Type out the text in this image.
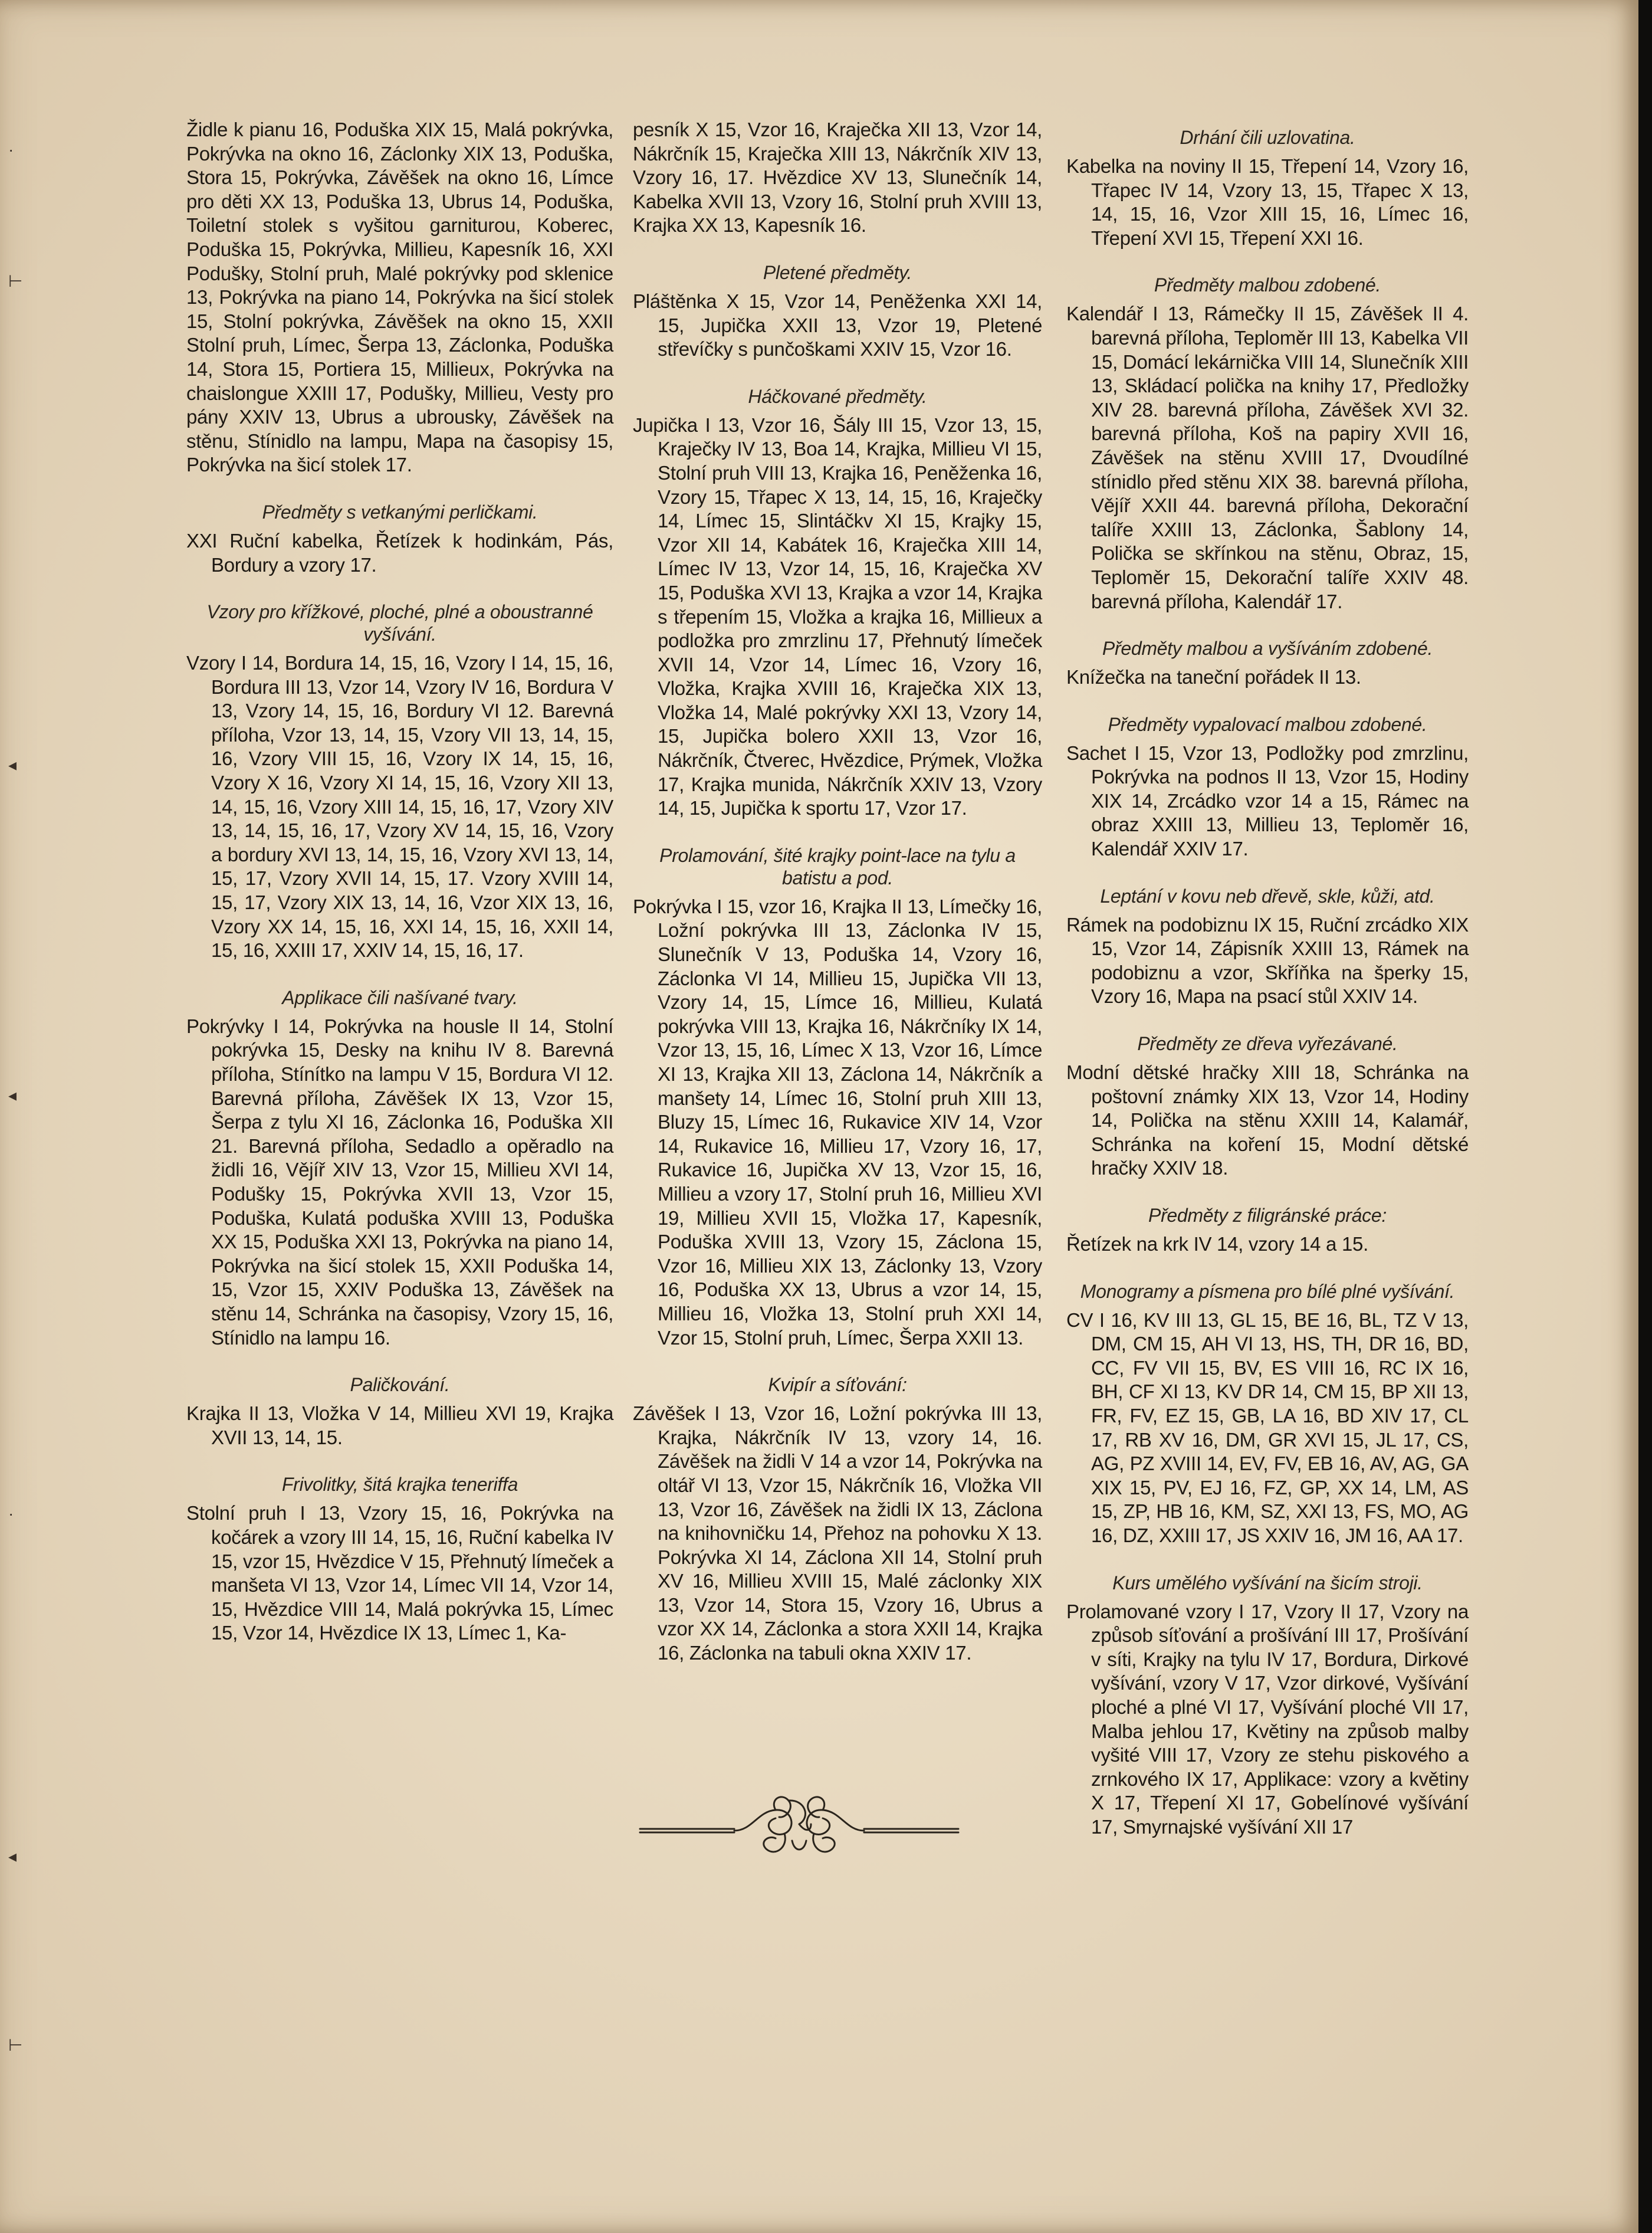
·
⊢
◂
◂
·
◂
⊢

Židle k pianu 16, Poduška XIX 15, Malá pokrývka, Pokrývka na okno 16, Záclonky XIX 13, Poduška, Stora 15, Pokrývka, Závěšek na okno 16, Límce pro děti XX 13, Poduška 13, Ubrus 14, Poduška, Toiletní stolek s vyšitou garniturou, Koberec, Poduška 15, Pokrývka, Millieu, Kapesník 16, XXI Podušky, Stolní pruh, Malé pokrývky pod sklenice 13, Pokrývka na piano 14, Pokrývka na šicí stolek 15, Stolní pokrývka, Závěšek na okno 15, XXII Stolní pruh, Límec, Šerpa 13, Záclonka, Poduška 14, Stora 15, Portiera 15, Millieux, Pokrývka na chaislongue XXIII 17, Podušky, Millieu, Vesty pro pány XXIV 13, Ubrus a ubrousky, Závěšek na stěnu, Stínidlo na lampu, Mapa na časopisy 15, Pokrývka na šicí stolek 17.

Předměty s vetkanými perličkami.

XXI Ruční kabelka, Řetízek k hodinkám, Pás, Bordury a vzory 17.

Vzory pro křížkové, ploché, plné a oboustranné vyšívání.

Vzory I 14, Bordura 14, 15, 16, Vzory I 14, 15, 16, Bordura III 13, Vzor 14, Vzory IV 16, Bordura V 13, Vzory 14, 15, 16, Bordury VI 12. Barevná příloha, Vzor 13, 14, 15, Vzory VII 13, 14, 15, 16, Vzory VIII 15, 16, Vzory IX 14, 15, 16, Vzory X 16, Vzory XI 14, 15, 16, Vzory XII 13, 14, 15, 16, Vzory XIII 14, 15, 16, 17, Vzory XIV 13, 14, 15, 16, 17, Vzory XV 14, 15, 16, Vzory a bordury XVI 13, 14, 15, 16, Vzory XVI 13, 14, 15, 17, Vzory XVII 14, 15, 17. Vzory XVIII 14, 15, 17, Vzory XIX 13, 14, 16, Vzor XIX 13, 16, Vzory XX 14, 15, 16, XXI 14, 15, 16, XXII 14, 15, 16, XXIII 17, XXIV 14, 15, 16, 17.

Applikace čili našívané tvary.

Pokrývky I 14, Pokrývka na housle II 14, Stolní pokrývka 15, Desky na knihu IV 8. Barevná příloha, Stínítko na lampu V 15, Bordura VI 12. Barevná příloha, Závěšek IX 13, Vzor 15, Šerpa z tylu XI 16, Záclonka 16, Poduška XII 21. Barevná příloha, Sedadlo a opěradlo na židli 16, Vějíř XIV 13, Vzor 15, Millieu XVI 14, Podušky 15, Pokrývka XVII 13, Vzor 15, Poduška, Kulatá poduška XVIII 13, Poduška XX 15, Poduška XXI 13, Pokrývka na piano 14, Pokrývka na šicí stolek 15, XXII Poduška 14, 15, Vzor 15, XXIV Poduška 13, Závěšek na stěnu 14, Schránka na časopisy, Vzory 15, 16, Stínidlo na lampu 16.

Paličkování.

Krajka II 13, Vložka V 14, Millieu XVI 19, Krajka XVII 13, 14, 15.

Frivolitky, šitá krajka teneriffa

Stolní pruh I 13, Vzory 15, 16, Pokrývka na kočárek a vzory III 14, 15, 16, Ruční kabelka IV 15, vzor 15, Hvězdice V 15, Přehnutý límeček a manšeta VI 13, Vzor 14, Límec VII 14, Vzor 14, 15, Hvězdice VIII 14, Malá pokrývka 15, Límec 15, Vzor 14, Hvězdice IX 13, Límec 1, Ka-

pesník X 15, Vzor 16, Kraječka XII 13, Vzor 14, Nákrčník 15, Kraječka XIII 13, Nákrčník XIV 13, Vzory 16, 17. Hvězdice XV 13, Slunečník 14, Kabelka XVII 13, Vzory 16, Stolní pruh XVIII 13, Krajka XX 13, Kapesník 16.

Pletené předměty.

Pláštěnka X 15, Vzor 14, Peněženka XXI 14, 15, Jupička XXII 13, Vzor 19, Pletené střevíčky s punčoškami XXIV 15, Vzor 16.

Háčkované předměty.

Jupička I 13, Vzor 16, Šály III 15, Vzor 13, 15, Kraječky IV 13, Boa 14, Krajka, Millieu VI 15, Stolní pruh VIII 13, Krajka 16, Peněženka 16, Vzory 15, Třapec X 13, 14, 15, 16, Kraječky 14, Límec 15, Slintáčkv XI 15, Krajky 15, Vzor XII 14, Kabátek 16, Kraječka XIII 14, Límec IV 13, Vzor 14, 15, 16, Kraječka XV 15, Poduška XVI 13, Krajka a vzor 14, Krajka s třepením 15, Vložka a krajka 16, Millieux a podložka pro zmrzlinu 17, Přehnutý límeček XVII 14, Vzor 14, Límec 16, Vzory 16, Vložka, Krajka XVIII 16, Kraječka XIX 13, Vložka 14, Malé pokrývky XXI 13, Vzory 14, 15, Jupička bolero XXII 13, Vzor 16, Nákrčník, Čtverec, Hvězdice, Prýmek, Vložka 17, Krajka munida, Nákrčník XXIV 13, Vzory 14, 15, Jupička k sportu 17, Vzor 17.

Prolamování, šité krajky point-lace na tylu a batistu a pod.

Pokrývka I 15, vzor 16, Krajka II 13, Límečky 16, Ložní pokrývka III 13, Záclonka IV 15, Slunečník V 13, Poduška 14, Vzory 16, Záclonka VI 14, Millieu 15, Jupička VII 13, Vzory 14, 15, Límce 16, Millieu, Kulatá pokrývka VIII 13, Krajka 16, Nákrčníky IX 14, Vzor 13, 15, 16, Límec X 13, Vzor 16, Límce XI 13, Krajka XII 13, Záclona 14, Nákrčník a manšety 14, Límec 16, Stolní pruh XIII 13, Bluzy 15, Límec 16, Rukavice XIV 14, Vzor 14, Rukavice 16, Millieu 17, Vzory 16, 17, Rukavice 16, Jupička XV 13, Vzor 15, 16, Millieu a vzory 17, Stolní pruh 16, Millieu XVI 19, Millieu XVII 15, Vložka 17, Kapesník, Poduška XVIII 13, Vzory 15, Záclona 15, Vzor 16, Millieu XIX 13, Záclonky 13, Vzory 16, Poduška XX 13, Ubrus a vzor 14, 15, Millieu 16, Vložka 13, Stolní pruh XXI 14, Vzor 15, Stolní pruh, Límec, Šerpa XXII 13.

Kvipír a síťování:

Závěšek I 13, Vzor 16, Ložní pokrývka III 13, Krajka, Nákrčník IV 13, vzory 14, 16. Závěšek na židli V 14 a vzor 14, Pokrývka na oltář VI 13, Vzor 15, Nákrčník 16, Vložka VII 13, Vzor 16, Závěšek na židli IX 13, Záclona na knihovničku 14, Přehoz na pohovku X 13. Pokrývka XI 14, Záclona XII 14, Stolní pruh XV 16, Millieu XVIII 15, Malé záclonky XIX 13, Vzor 14, Stora 15, Vzory 16, Ubrus a vzor XX 14, Záclonka a stora XXII 14, Krajka 16, Záclonka na tabuli okna XXIV 17.

Drhání čili uzlovatina.

Kabelka na noviny II 15, Třepení 14, Vzory 16, Třapec IV 14, Vzory 13, 15, Třapec X 13, 14, 15, 16, Vzor XIII 15, 16, Límec 16, Třepení XVI 15, Třepení XXI 16.

Předměty malbou zdobené.

Kalendář I 13, Rámečky II 15, Závěšek II 4. barevná příloha, Teploměr III 13, Kabelka VII 15, Domácí lekárnička VIII 14, Slunečník XIII 13, Skládací polička na knihy 17, Předložky XIV 28. barevná příloha, Závěšek XVI 32. barevná příloha, Koš na papiry XVII 16, Závěšek na stěnu XVIII 17, Dvoudílné stínidlo před stěnu XIX 38. barevná příloha, Vějíř XXII 44. barevná příloha, Dekorační talíře XXIII 13, Záclonka, Šablony 14, Polička se skřínkou na stěnu, Obraz, 15, Teploměr 15, Dekorační talíře XXIV 48. barevná příloha, Kalendář 17.

Předměty malbou a vyšíváním zdobené.

Knížečka na taneční pořádek II 13.

Předměty vypalovací malbou zdobené.

Sachet I 15, Vzor 13, Podložky pod zmrzlinu, Pokrývka na podnos II 13, Vzor 15, Hodiny XIX 14, Zrcádko vzor 14 a 15, Rámec na obraz XXIII 13, Millieu 13, Teploměr 16, Kalendář XXIV 17.

Leptání v kovu neb dřevě, skle, kůži, atd.

Rámek na podobiznu IX 15, Ruční zrcádko XIX 15, Vzor 14, Zápisník XXIII 13, Rámek na podobiznu a vzor, Skříňka na šperky 15, Vzory 16, Mapa na psací stůl XXIV 14.

Předměty ze dřeva vyřezávané.

Modní dětské hračky XIII 18, Schránka na poštovní známky XIX 13, Vzor 14, Hodiny 14, Polička na stěnu XXIII 14, Kalamář, Schránka na koření 15, Modní dětské hračky XXIV 18.

Předměty z filigránské práce:

Řetízek na krk IV 14, vzory 14 a 15.

Monogramy a písmena pro bílé plné vyšívání.

CV I 16, KV III 13, GL 15, BE 16, BL, TZ V 13, DM, CM 15, AH VI 13, HS, TH, DR 16, BD, CC, FV VII 15, BV, ES VIII 16, RC IX 16, BH, CF XI 13, KV DR 14, CM 15, BP XII 13, FR, FV, EZ 15, GB, LA 16, BD XIV 17, CL 17, RB XV 16, DM, GR XVI 15, JL 17, CS, AG, PZ XVIII 14, EV, FV, EB 16, AV, AG, GA XIX 15, PV, EJ 16, FZ, GP, XX 14, LM, AS 15, ZP, HB 16, KM, SZ, XXI 13, FS, MO, AG 16, DZ, XXIII 17, JS XXIV 16, JM 16, AA 17.

Kurs umělého vyšívání na šicím stroji.

Prolamované vzory I 17, Vzory II 17, Vzory na způsob síťování a prošívání III 17, Prošívání v síti, Krajky na tylu IV 17, Bordura, Dirkové vyšívání, vzory V 17, Vzor dirkové, Vyšívání ploché a plné VI 17, Vyšívání ploché VII 17, Malba jehlou 17, Květiny na způsob malby vyšité VIII 17, Vzory ze stehu piskového a zrnkového IX 17, Applikace: vzory a květiny X 17, Třepení XI 17, Gobelínové vyšívání 17, Smyrnajské vyšívání XII 17
